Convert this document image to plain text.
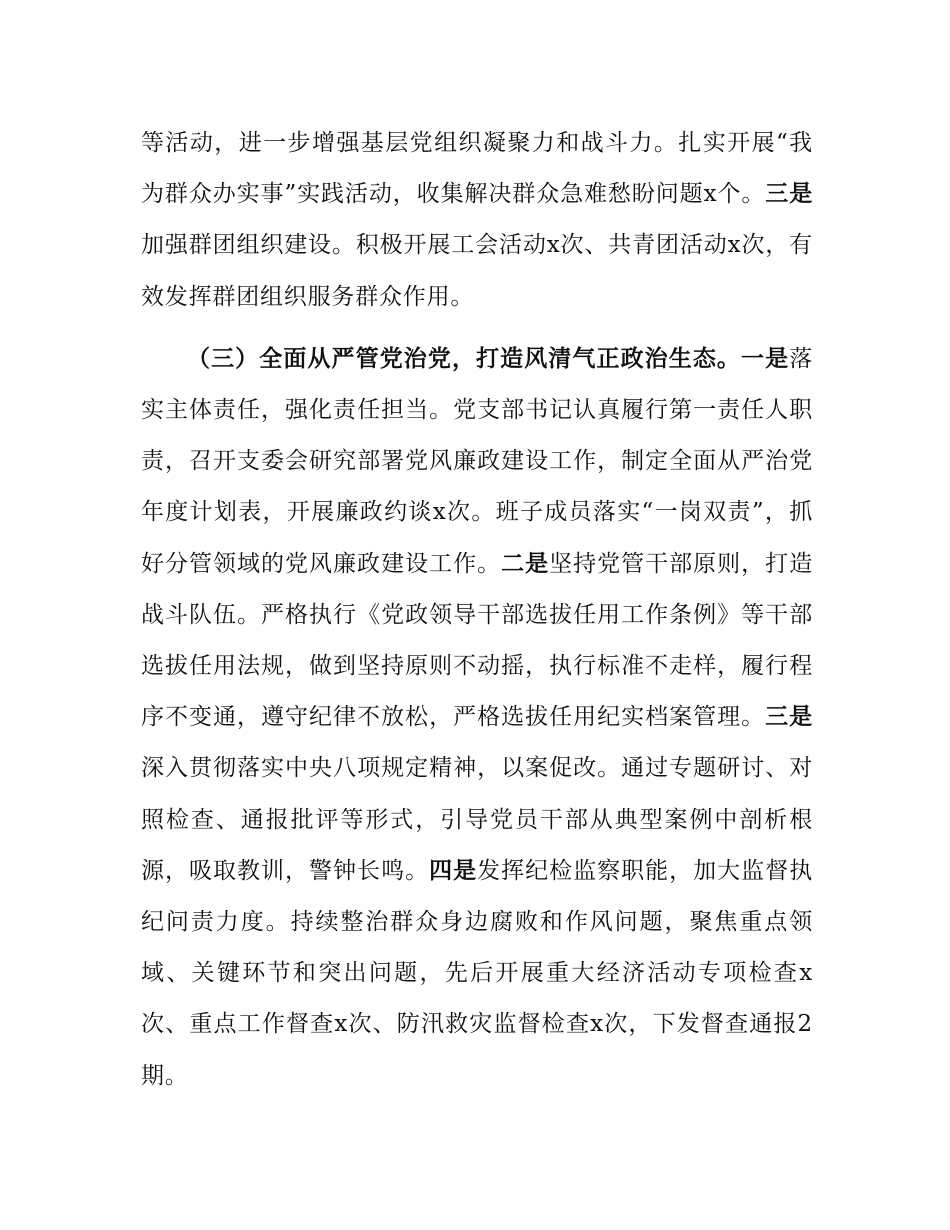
等活动，进一步增强基层党组织凝聚力和战斗力。扎实开展“我为群众办实事”实践活动，收集解决群众急难愁盼问题x个。三是加强群团组织建设。积极开展工会活动x次、共青团活动x次，有效发挥群团组织服务群众作用。

（三）全面从严管党治党，打造风清气正政治生态。一是落实主体责任，强化责任担当。党支部书记认真履行第一责任人职责，召开支委会研究部署党风廉政建设工作，制定全面从严治党年度计划表，开展廉政约谈x次。班子成员落实“一岗双责”，抓好分管领域的党风廉政建设工作。二是坚持党管干部原则，打造战斗队伍。严格执行《党政领导干部选拔任用工作条例》等干部选拔任用法规，做到坚持原则不动摇，执行标准不走样，履行程序不变通，遵守纪律不放松，严格选拔任用纪实档案管理。三是深入贯彻落实中央八项规定精神，以案促改。通过专题研讨、对照检查、通报批评等形式，引导党员干部从典型案例中剖析根源，吸取教训，警钟长鸣。四是发挥纪检监察职能，加大监督执纪问责力度。持续整治群众身边腐败和作风问题，聚焦重点领域、关键环节和突出问题，先后开展重大经济活动专项检查x次、重点工作督查x次、防汛救灾监督检查x次，下发督查通报2期。
